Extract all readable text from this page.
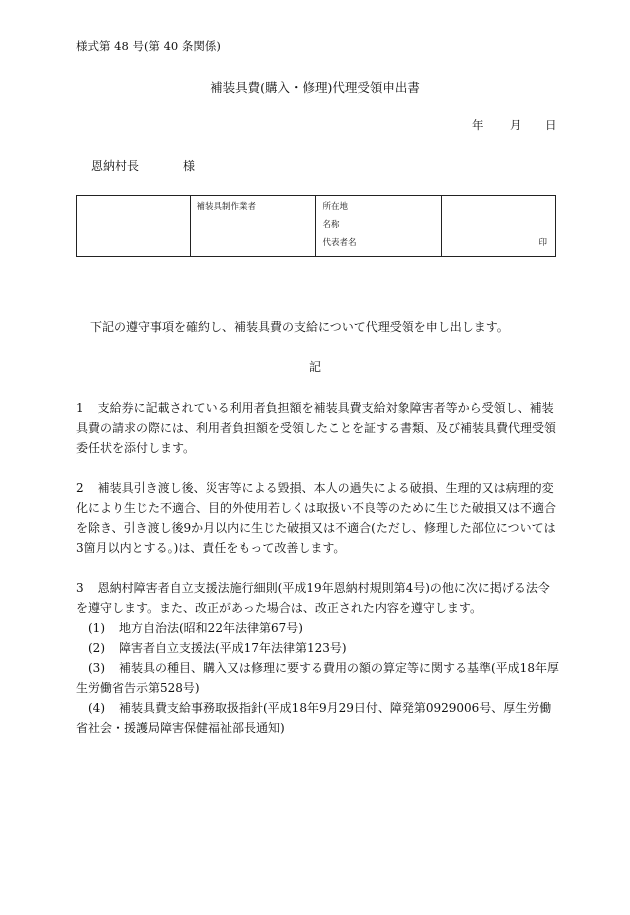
様式第 48 号(第 40 条関係)
補装具費(購入・修理)代理受領申出書
年 月 日
恩納村長	様
	補装具制作業者	所在地
名称
代表者名	印
下記の遵守事項を確約し、補装具費の支給について代理受領を申し出します。
記
1 支給券に記載されている利用者負担額を補装具費支給対象障害者等から受領し、補装具費の請求の際には、利用者負担額を受領したことを証する書類、及び補装具費代理受領委任状を添付します。
2 補装具引き渡し後、災害等による毀損、本人の過失による破損、生理的又は病理的変化により生じた不適合、目的外使用若しくは取扱い不良等のために生じた破損又は不適合を除き、引き渡し後9か月以内に生じた破損又は不適合(ただし、修理した部位については3箇月以内とする。)は、責任をもって改善します。
3 恩納村障害者自立支援法施行細則(平成19年恩納村規則第4号)の他に次に掲げる法令を遵守します。また、改正があった場合は、改正された内容を遵守します。
(1) 地方自治法(昭和22年法律第67号)
(2) 障害者自立支援法(平成17年法律第123号)
(3) 補装具の種目、購入又は修理に要する費用の額の算定等に関する基準(平成18年厚生労働省告示第528号)
(4) 補装具費支給事務取扱指針(平成18年9月29日付、障発第0929006号、厚生労働省社会・援護局障害保健福祉部長通知)
